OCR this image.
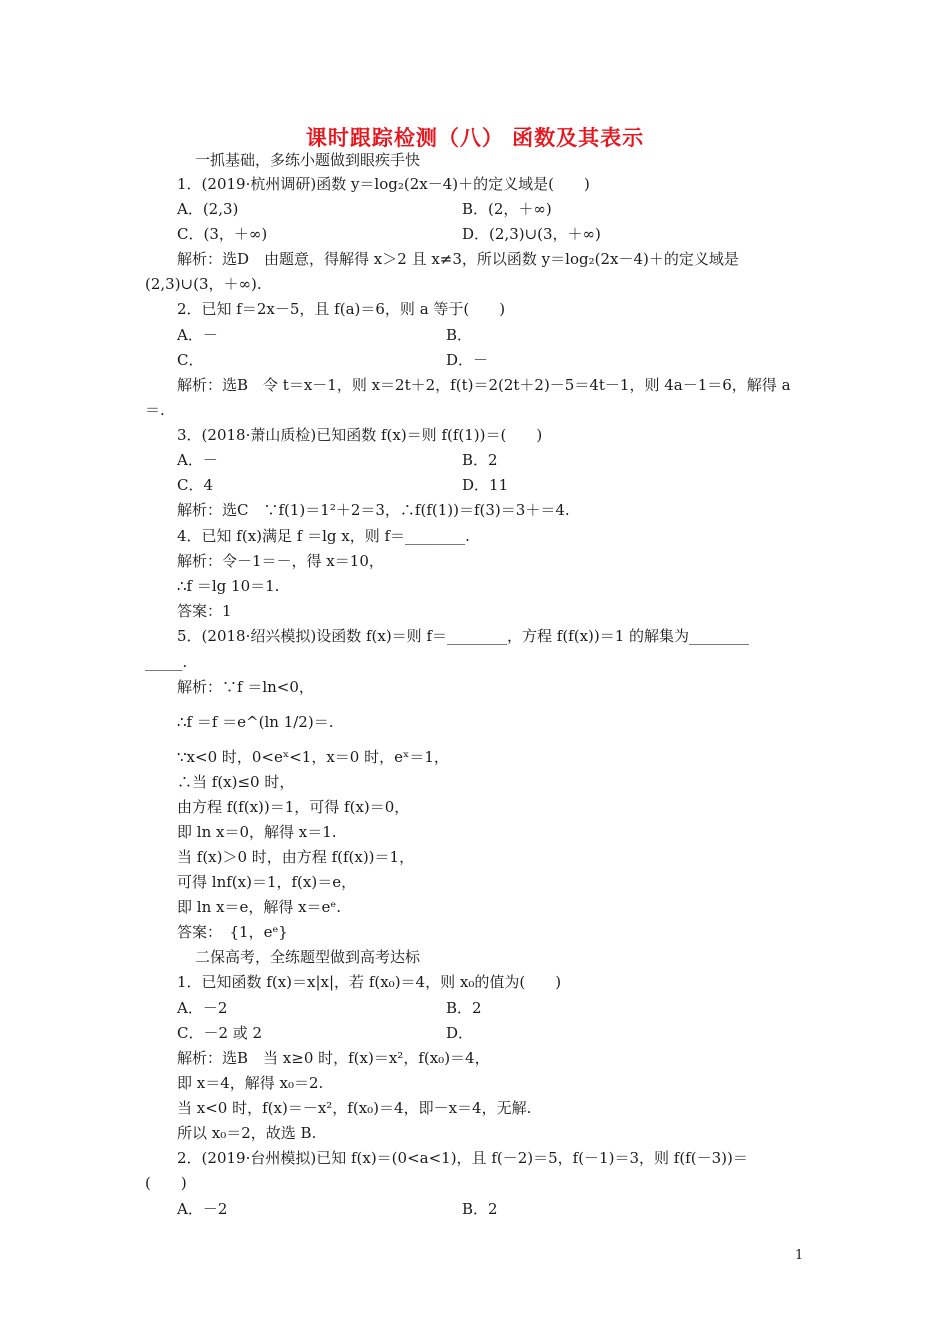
课时跟踪检测（八） 函数及其表示
一抓基础，多练小题做到眼疾手快
1．(2019·杭州调研)函数 y＝log₂(2x－4)＋的定义域是(　　)
A．(2,3)	B．(2，＋∞)
C．(3，＋∞)	D．(2,3)∪(3，＋∞)
解析：选D　由题意，得解得 x＞2 且 x≠3，所以函数 y＝log₂(2x－4)＋的定义域是
(2,3)∪(3，＋∞).
2．已知 f＝2x－5，且 f(a)＝6，则 a 等于(　　)
A．－	B．
C．	D．－
解析：选B　令 t＝x－1，则 x＝2t＋2，f(t)＝2(2t＋2)－5＝4t－1，则 4a－1＝6，解得 a
＝.
3．(2018·萧山质检)已知函数 f(x)＝则 f(f(1))＝(　　)
A．－	B．2
C．4	D．11
解析：选C　∵f(1)＝1²＋2＝3，∴f(f(1))＝f(3)＝3＋＝4.
4．已知 f(x)满足 f ＝lg x，则 f＝________.
解析：令－1＝－，得 x＝10，
∴f ＝lg 10＝1.
答案：1
5．(2018·绍兴模拟)设函数 f(x)＝则 f＝________，方程 f(f(x))＝1 的解集为________
_____.
解析：∵f ＝ln<0，
∴f ＝f ＝e^(ln 1/2)＝.
∵x<0 时，0<eˣ<1，x＝0 时，eˣ＝1，
∴当 f(x)≤0 时，
由方程 f(f(x))＝1，可得 f(x)＝0，
即 ln x＝0，解得 x＝1.
当 f(x)＞0 时，由方程 f(f(x))＝1，
可得 lnf(x)＝1，f(x)＝e，
即 ln x＝e，解得 x＝eᵉ.
答案：　{1，eᵉ}
二保高考，全练题型做到高考达标
1．已知函数 f(x)＝x|x|，若 f(x₀)＝4，则 x₀的值为(　　)
A．－2	B．2
C．－2 或 2	D．
解析：选B　当 x≥0 时，f(x)＝x²，f(x₀)＝4，
即 x＝4，解得 x₀＝2.
当 x<0 时，f(x)＝－x²，f(x₀)＝4，即－x＝4，无解.
所以 x₀＝2，故选 B.
2．(2019·台州模拟)已知 f(x)＝(0<a<1)，且 f(－2)＝5，f(－1)＝3，则 f(f(－3))＝
(　　)
A．－2	B．2
1
